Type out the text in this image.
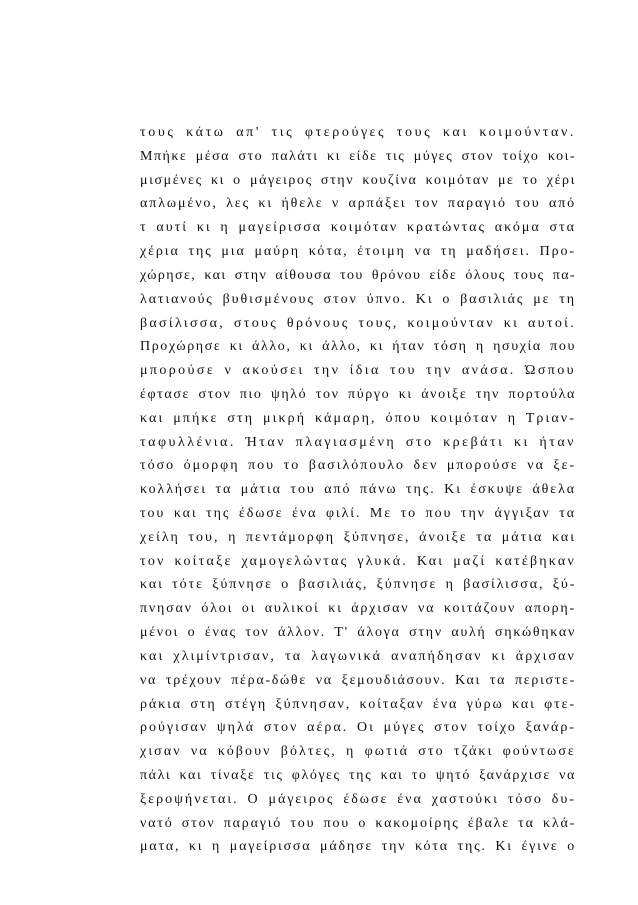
τους κάτω απ' τις φτερούγες τους και κοιμούνταν.
Μπήκε μέσα στο παλάτι κι είδε τις μύγες στον τοίχο κοι-
μισμένες κι ο μάγειρος στην κουζίνα κοιμόταν με το χέρι
απλωμένο, λες κι ήθελε ν αρπάξει τον παραγιό του από
τ αυτί κι η μαγείρισσα κοιμόταν κρατώντας ακόμα στα
χέρια της μια μαύρη κότα, έτοιμη να τη μαδήσει. Προ-
χώρησε, και στην αίθουσα του θρόνου είδε όλους τους πα-
λατιανούς βυθισμένους στον ύπνο. Κι ο βασιλιάς με τη
βασίλισσα, στους θρόνους τους, κοιμούνταν κι αυτοί.
Προχώρησε κι άλλο, κι άλλο, κι ήταν τόση η ησυχία που
μπορούσε ν ακούσει την ίδια του την ανάσα. Ώσπου
έφτασε στον πιο ψηλό τον πύργο κι άνοιξε την πορτούλα
και μπήκε στη μικρή κάμαρη, όπου κοιμόταν η Τριαν-
ταφυλλένια. Ήταν πλαγιασμένη στο κρεβάτι κι ήταν
τόσο όμορφη που το βασιλόπουλο δεν μπορούσε να ξε-
κολλήσει τα μάτια του από πάνω της. Κι έσκυψε άθελα
του και της έδωσε ένα φιλί. Με το που την άγγιξαν τα
χείλη του, η πεντάμορφη ξύπνησε, άνοιξε τα μάτια και
τον κοίταξε χαμογελώντας γλυκά. Και μαζί κατέβηκαν
και τότε ξύπνησε ο βασιλιάς, ξύπνησε η βασίλισσα, ξύ-
πνησαν όλοι οι αυλικοί κι άρχισαν να κοιτάζουν απορη-
μένοι ο ένας τον άλλον. Τ' άλογα στην αυλή σηκώθηκαν
και χλιμίντρισαν, τα λαγωνικά αναπήδησαν κι άρχισαν
να τρέχουν πέρα-δώθε να ξεμουδιάσουν. Και τα περιστε-
ράκια στη στέγη ξύπνησαν, κοίταξαν ένα γύρω και φτε-
ρούγισαν ψηλά στον αέρα. Οι μύγες στον τοίχο ξανάρ-
χισαν να κόβουν βόλτες, η φωτιά στο τζάκι φούντωσε
πάλι και τίναξε τις φλόγες της και το ψητό ξανάρχισε να
ξεροψήνεται. Ο μάγειρος έδωσε ένα χαστούκι τόσο δυ-
νατό στον παραγιό του που ο κακομοίρης έβαλε τα κλά-
ματα, κι η μαγείρισσα μάδησε την κότα της. Κι έγινε ο
